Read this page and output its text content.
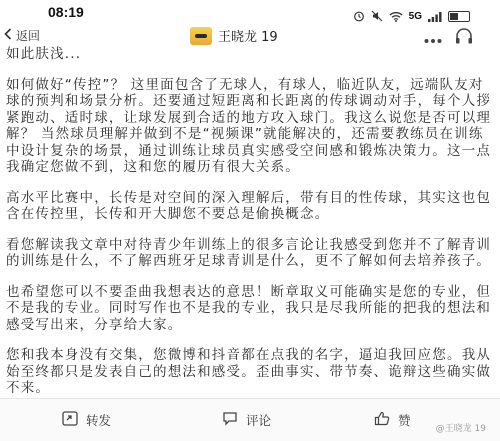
08:19	5G
返回	王晓龙 19

如此肤浅...

如何做好“传控”？ 这里面包含了无球人，有球人，临近队友，远端队友对球的预判和场景分析。还要通过短距离和长距离的传球调动对手，每个人拶紧跑动、适时球，让球发展到合适的地方攻入球门。我这么说您是否可以理解？ 当然球员理解并做到不是“视频课”就能解决的，还需要教练员在训练中设计复杂的场景，通过训练让球员真实感受空间感和锻炼决策力。这一点我确定您做不到，这和您的履历有很大关系。

高水平比赛中，长传是对空间的深入理解后，带有目的性传球，其实这也包含在传控里，长传和开大脚您不要总是偷换概念。

看您解读我文章中对待青少年训练上的很多言论让我感受到您并不了解青训的训练是什么，不了解西班牙足球青训是什么，更不了解如何去培养孩子。

也希望您可以不要歪曲我想表达的意思！断章取义可能确实是您的专业，但不是我的专业。同时写作也不是我的专业，我只是尽我所能的把我的想法和感受写出来，分享给大家。

您和我本身没有交集，您微博和抖音都在点我的名字，逼迫我回应您。我从始至终都只是发表自己的想法和感受。歪曲事实、带节奏、诡辩这些确实做不来。

转发	评论	赞
@王晓龙 19
